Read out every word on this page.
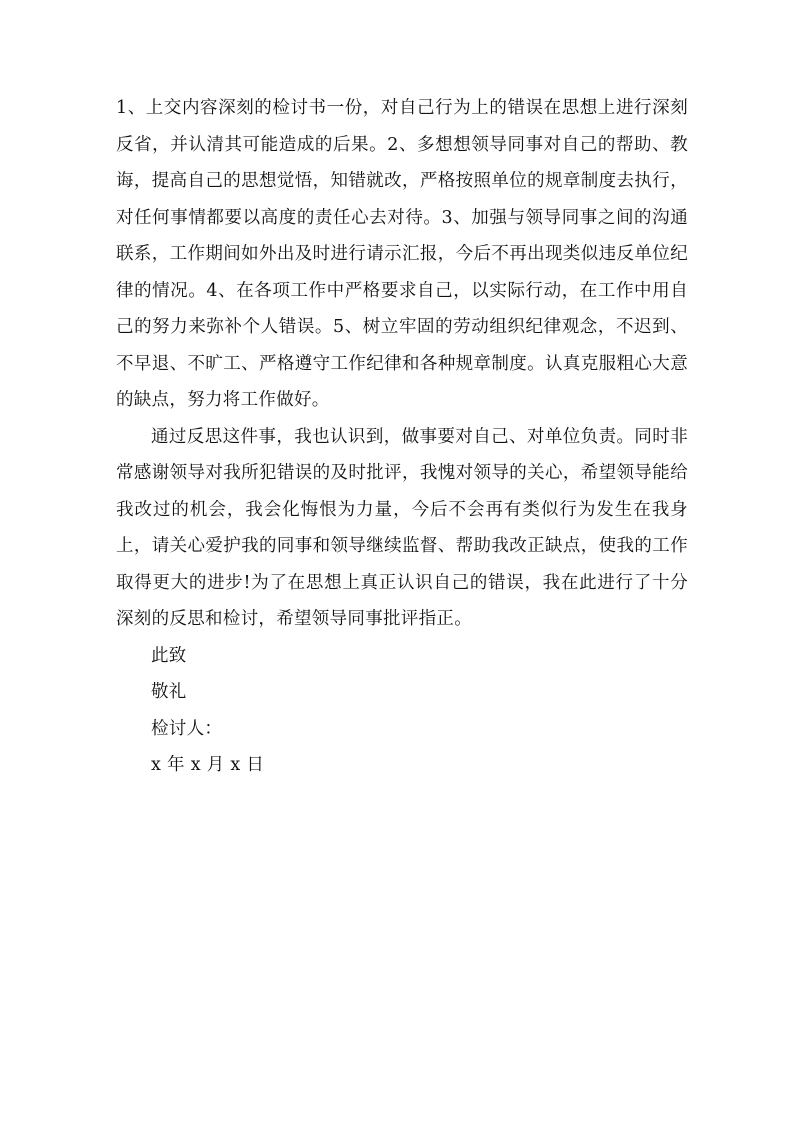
1、上交内容深刻的检讨书一份，对自己行为上的错误在思想上进行深刻反省，并认清其可能造成的后果。2、多想想领导同事对自己的帮助、教诲，提高自己的思想觉悟，知错就改，严格按照单位的规章制度去执行，对任何事情都要以高度的责任心去对待。3、加强与领导同事之间的沟通联系，工作期间如外出及时进行请示汇报，今后不再出现类似违反单位纪律的情况。4、在各项工作中严格要求自己，以实际行动，在工作中用自己的努力来弥补个人错误。5、树立牢固的劳动组织纪律观念，不迟到、不早退、不旷工、严格遵守工作纪律和各种规章制度。认真克服粗心大意的缺点，努力将工作做好。

通过反思这件事，我也认识到，做事要对自己、对单位负责。同时非常感谢领导对我所犯错误的及时批评，我愧对领导的关心，希望领导能给我改过的机会，我会化悔恨为力量，今后不会再有类似行为发生在我身上，请关心爱护我的同事和领导继续监督、帮助我改正缺点，使我的工作取得更大的进步!为了在思想上真正认识自己的错误，我在此进行了十分深刻的反思和检讨，希望领导同事批评指正。

此致

敬礼

检讨人：

x 年 x 月 x 日
